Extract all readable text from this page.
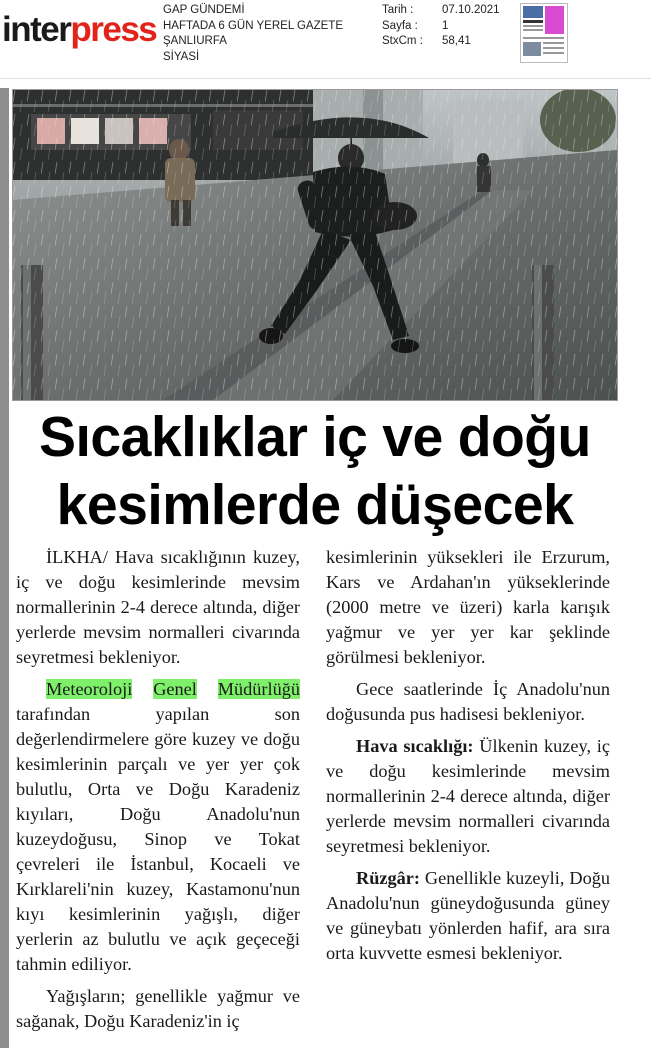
interpress GAP GÜNDEMİ
HAFTADA 6 GÜN YEREL GAZETE
ŞANLIURFA
SİYASİ
Tarih :
Sayfa :
StxCm :
07.10.2021
1
58,41
Sıcaklıklar iç ve doğu
kesimlerde düşecek

İLKHA/ Hava sıcaklığının kuzey, iç ve doğu kesimlerinde mevsim normallerinin 2-4 derece altında, diğer yerlerde mevsim normalleri civarında seyretmesi bekleniyor.

Meteoroloji Genel Müdürlüğü tarafından yapılan son değerlendirmelere göre kuzey ve doğu kesimlerinin parçalı ve yer yer çok bulutlu, Orta ve Doğu Karadeniz kıyıları, Doğu Anadolu'nun kuzeydoğusu, Sinop ve Tokat çevreleri ile İstanbul, Kocaeli ve Kırklareli'nin kuzey, Kastamonu'nun kıyı kesimlerinin yağışlı, diğer yerlerin az bulutlu ve açık geçeceği tahmin ediliyor.

Yağışların; genellikle yağmur ve sağanak, Doğu Karadeniz'in iç

kesimlerinin yüksekleri ile Erzurum, Kars ve Ardahan'ın yükseklerinde (2000 metre ve üzeri) karla karışık yağmur ve yer yer kar şeklinde görülmesi bekleniyor.

Gece saatlerinde İç Anadolu'nun doğusunda pus hadisesi bekleniyor.

Hava sıcaklığı: Ülkenin kuzey, iç ve doğu kesimlerinde mevsim normallerinin 2-4 derece altında, diğer yerlerde mevsim normalleri civarında seyretmesi bekleniyor.

Rüzgâr: Genellikle kuzeyli, Doğu Anadolu'nun güneydoğusunda güney ve güneybatı yönlerden hafif, ara sıra orta kuvvette esmesi bekleniyor.
